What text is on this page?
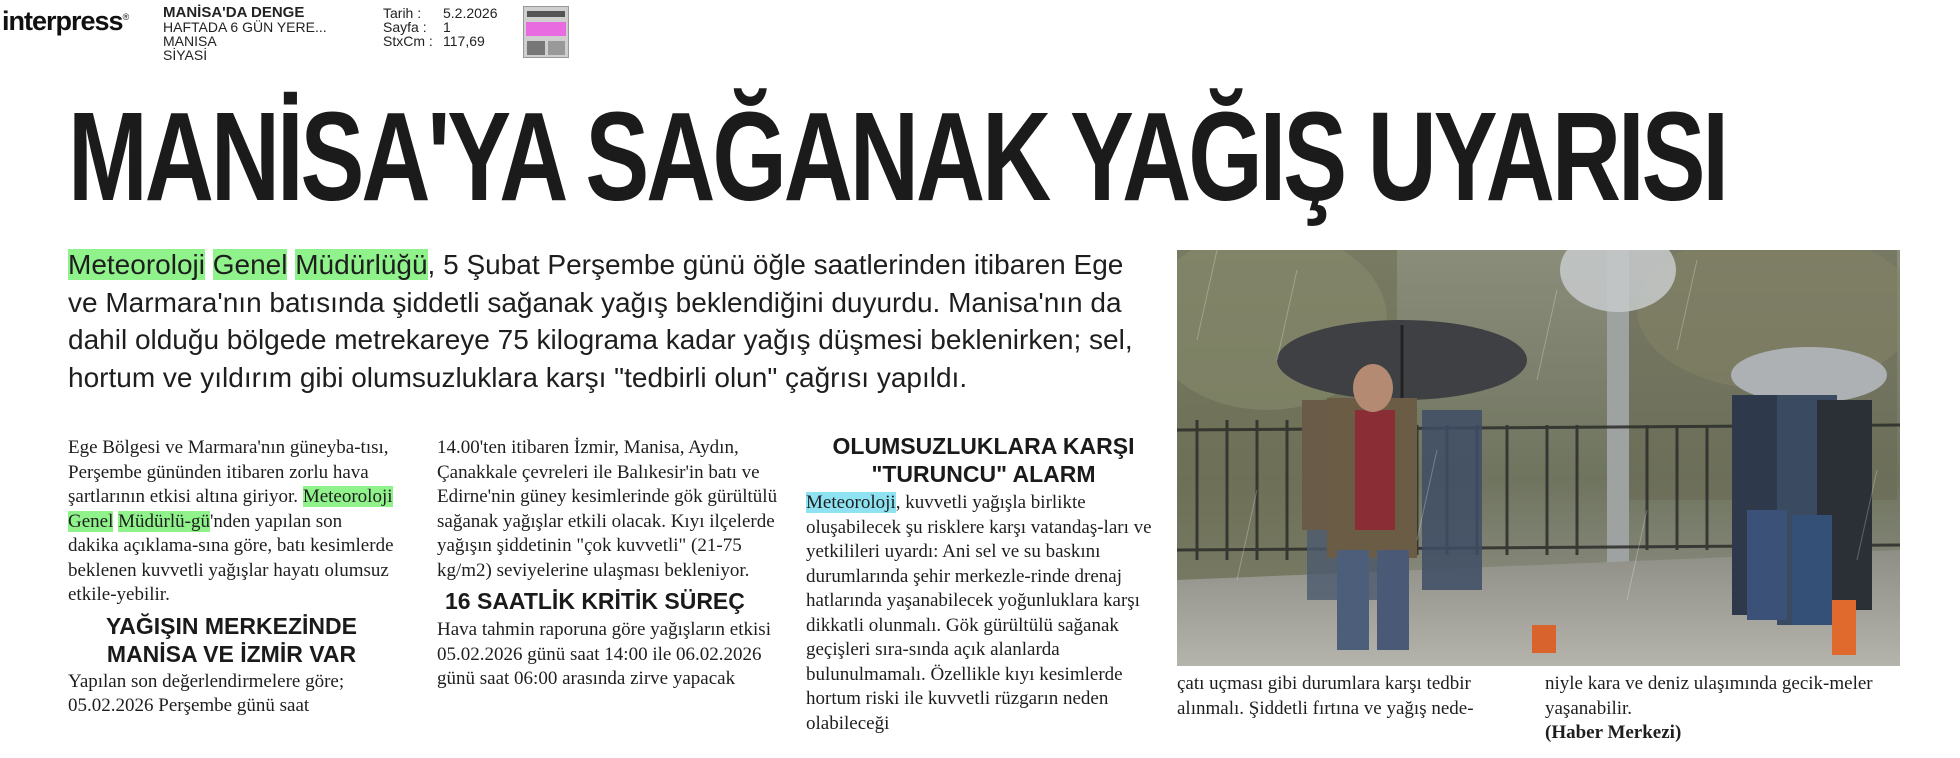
interpress® MANİSA'DA DENGE
HAFTADA 6 GÜN YERE...
MANISA
SİYASİ
Tarih :
Sayfa :
StxCm :
5.2.2026
1
117,69
MANİSA'YA SAĞANAK YAĞIŞ UYARISI
Meteoroloji Genel Müdürlüğü, 5 Şubat Perşembe günü öğle saatlerinden itibaren Ege ve Marmara'nın batısında şiddetli sağanak yağış beklendiğini duyurdu. Manisa'nın da dahil olduğu bölgede metrekareye 75 kilograma kadar yağış düşmesi beklenirken; sel, hortum ve yıldırım gibi olumsuzluklara karşı "tedbirli olun" çağrısı yapıldı.
Ege Bölgesi ve Marmara'nın güneyba-tısı, Perşembe gününden itibaren zorlu hava şartlarının etkisi altına giriyor. Meteoroloji Genel Müdürlü-gü'nden yapılan son dakika açıklama-sına göre, batı kesimlerde beklenen kuvvetli yağışlar hayatı olumsuz etkile-yebilir.
YAĞIŞIN MERKEZİNDE
MANİSA VE İZMİR VAR
Yapılan son değerlendirmelere göre; 05.02.2026 Perşembe günü saat
14.00'ten itibaren İzmir, Manisa, Aydın, Çanakkale çevreleri ile Balıkesir'in batı ve Edirne'nin güney kesimlerinde gök gürültülü sağanak yağışlar etkili olacak. Kıyı ilçelerde yağışın şiddetinin "çok kuvvetli" (21-75 kg/m2) seviyelerine ulaşması bekleniyor.
16 SAATLİK KRİTİK SÜREÇ
Hava tahmin raporuna göre yağışların etkisi 05.02.2026 günü saat 14:00 ile 06.02.2026 günü saat 06:00 arasında zirve yapacak
OLUMSUZLUKLARA KARŞI
"TURUNCU" ALARM
Meteoroloji, kuvvetli yağışla birlikte oluşabilecek şu risklere karşı vatandaş-ları ve yetkilileri uyardı: Ani sel ve su baskını durumlarında şehir merkezle-rinde drenaj hatlarında yaşanabilecek yoğunluklara karşı dikkatli olunmalı. Gök gürültülü sağanak geçişleri sıra-sında açık alanlarda bulunulmamalı. Özellikle kıyı kesimlerde hortum riski ile kuvvetli rüzgarın neden olabileceği
çatı uçması gibi durumlara karşı tedbir alınmalı. Şiddetli fırtına ve yağış nede-
niyle kara ve deniz ulaşımında gecik-meler yaşanabilir.
(Haber Merkezi)
